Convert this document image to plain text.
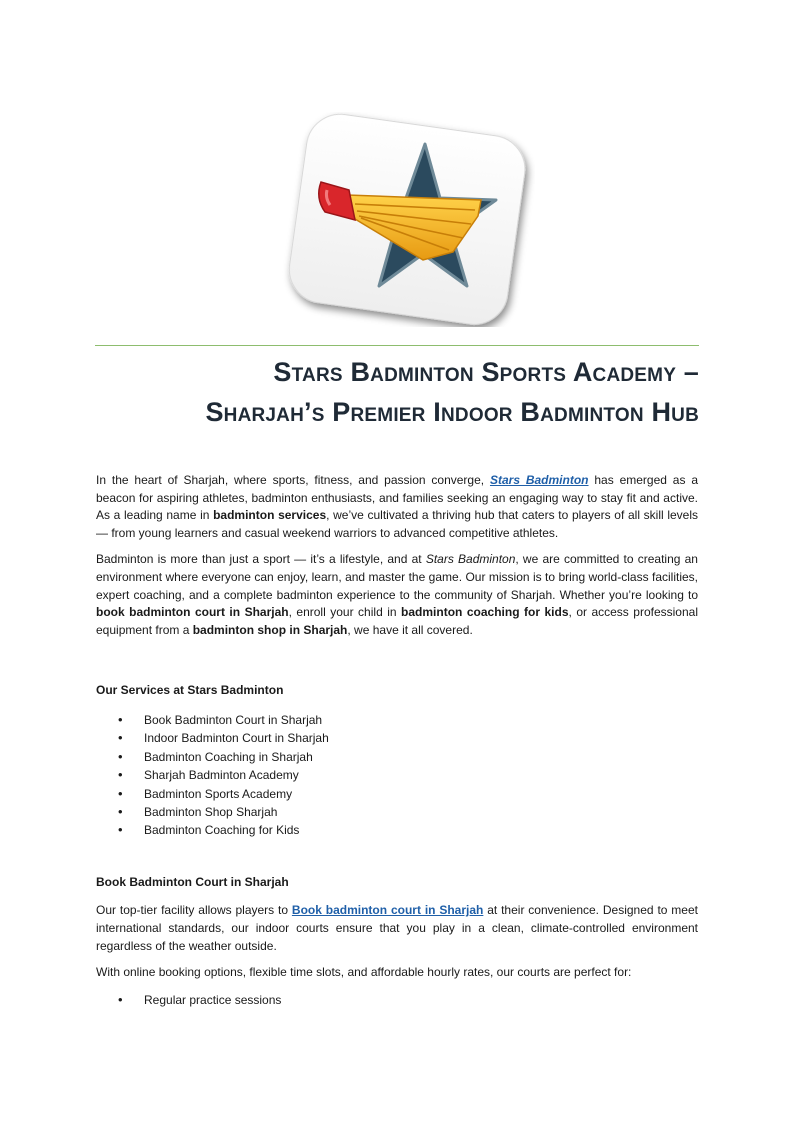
Stars Badminton Sports Academy –
Sharjah’s Premier Indoor Badminton Hub

In the heart of Sharjah, where sports, fitness, and passion converge, Stars Badminton has emerged as a beacon for aspiring athletes, badminton enthusiasts, and families seeking an engaging way to stay fit and active. As a leading name in badminton services, we’ve cultivated a thriving hub that caters to players of all skill levels — from young learners and casual weekend warriors to advanced competitive athletes.

Badminton is more than just a sport — it’s a lifestyle, and at Stars Badminton, we are committed to creating an environment where everyone can enjoy, learn, and master the game. Our mission is to bring world-class facilities, expert coaching, and a complete badminton experience to the community of Sharjah. Whether you’re looking to book badminton court in Sharjah, enroll your child in badminton coaching for kids, or access professional equipment from a badminton shop in Sharjah, we have it all covered.

Our Services at Stars Badminton

• Book Badminton Court in Sharjah
• Indoor Badminton Court in Sharjah
• Badminton Coaching in Sharjah
• Sharjah Badminton Academy
• Badminton Sports Academy
• Badminton Shop Sharjah
• Badminton Coaching for Kids

Book Badminton Court in Sharjah

Our top-tier facility allows players to Book badminton court in Sharjah at their convenience. Designed to meet international standards, our indoor courts ensure that you play in a clean, climate-controlled environment regardless of the weather outside.

With online booking options, flexible time slots, and affordable hourly rates, our courts are perfect for:

• Regular practice sessions
